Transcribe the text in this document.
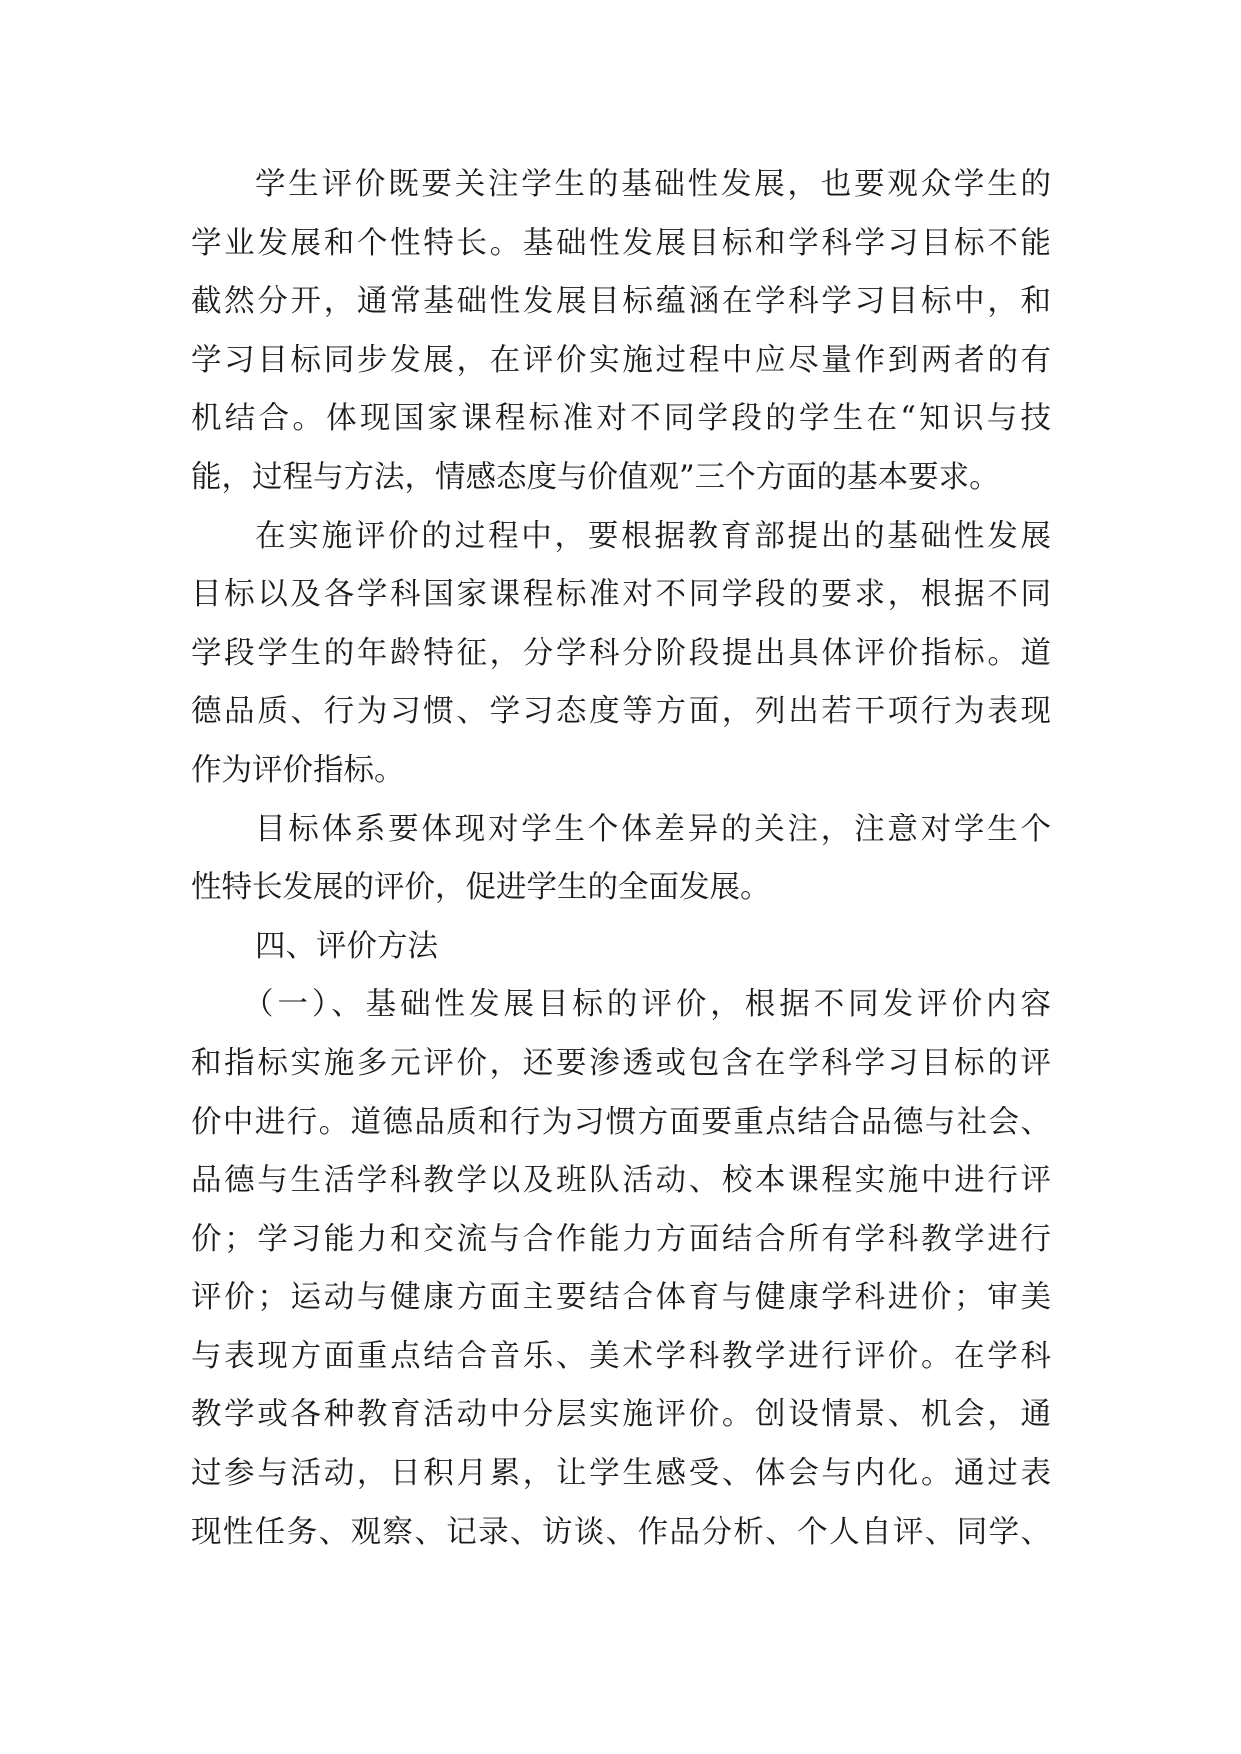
学生评价既要关注学生的基础性发展，也要观众学生的
学业发展和个性特长。基础性发展目标和学科学习目标不能
截然分开，通常基础性发展目标蕴涵在学科学习目标中，和
学习目标同步发展，在评价实施过程中应尽量作到两者的有
机结合。体现国家课程标准对不同学段的学生在“知识与技
能，过程与方法，情感态度与价值观”三个方面的基本要求。

在实施评价的过程中，要根据教育部提出的基础性发展
目标以及各学科国家课程标准对不同学段的要求，根据不同
学段学生的年龄特征，分学科分阶段提出具体评价指标。道
德品质、行为习惯、学习态度等方面，列出若干项行为表现
作为评价指标。

目标体系要体现对学生个体差异的关注，注意对学生个
性特长发展的评价，促进学生的全面发展。

四、评价方法

（一）、基础性发展目标的评价，根据不同发评价内容
和指标实施多元评价，还要渗透或包含在学科学习目标的评
价中进行。道德品质和行为习惯方面要重点结合品德与社会、
品德与生活学科教学以及班队活动、校本课程实施中进行评
价；学习能力和交流与合作能力方面结合所有学科教学进行
评价；运动与健康方面主要结合体育与健康学科进价；审美
与表现方面重点结合音乐、美术学科教学进行评价。在学科
教学或各种教育活动中分层实施评价。创设情景、机会，通
过参与活动，日积月累，让学生感受、体会与内化。通过表
现性任务、观察、记录、访谈、作品分析、个人自评、同学、
